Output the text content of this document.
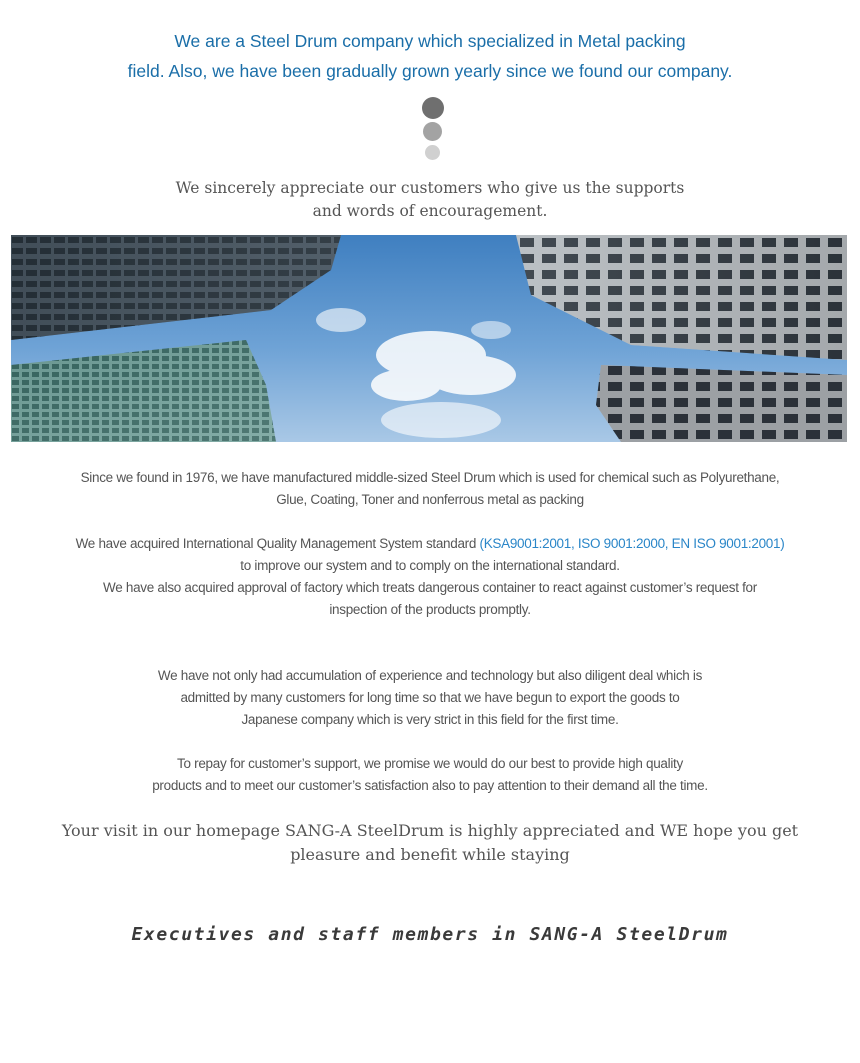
We are a Steel Drum company which specialized in Metal packing
field. Also, we have been gradually grown yearly since we found our company.
We sincerely appreciate our customers who give us the supports
and words of encouragement.
Since we found in 1976, we have manufactured middle-sized Steel Drum which is used for chemical such as Polyurethane,
Glue, Coating, Toner and nonferrous metal as packing
We have acquired International Quality Management System standard (KSA9001:2001, ISO 9001:2000, EN ISO 9001:2001)
to improve our system and to comply on the international standard.
We have also acquired approval of factory which treats dangerous container to react against customer’s request for
inspection of the products promptly.
We have not only had accumulation of experience and technology but also diligent deal which is
admitted by many customers for long time so that we have begun to export the goods to
Japanese company which is very strict in this field for the first time.
To repay for customer’s support, we promise we would do our best to provide high quality
products and to meet our customer’s satisfaction also to pay attention to their demand all the time.
Your visit in our homepage SANG-A SteelDrum is highly appreciated and WE hope you get
pleasure and benefit while staying
Executives and staff members in SANG-A SteelDrum
